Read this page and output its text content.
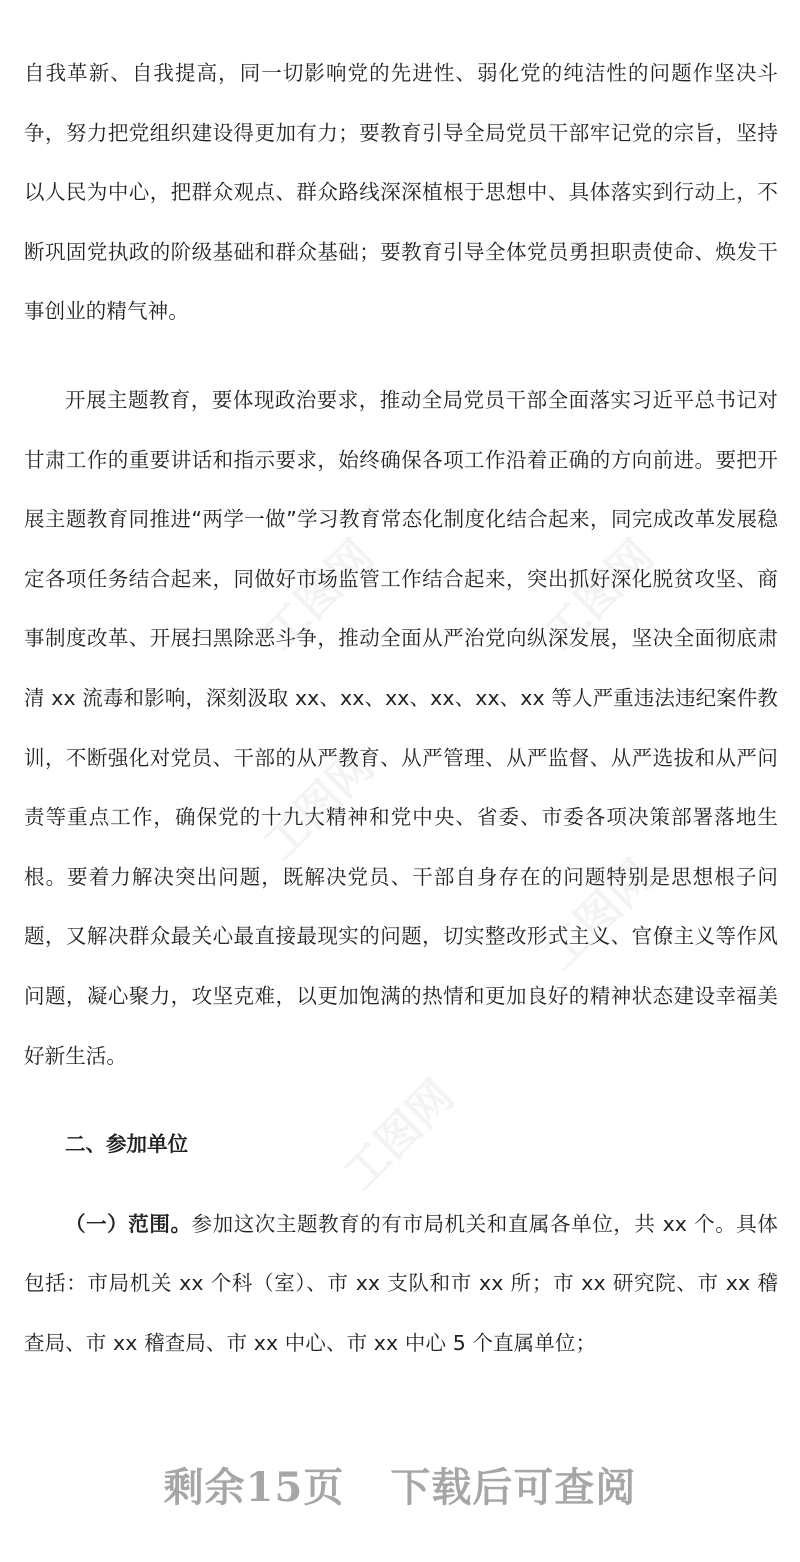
工图网
工图网
工图网
工图网
工图网

自我革新、自我提高，同一切影响党的先进性、弱化党的纯洁性的问题作坚决斗争，努力把党组织建设得更加有力；要教育引导全局党员干部牢记党的宗旨，坚持以人民为中心，把群众观点、群众路线深深植根于思想中、具体落实到行动上，不断巩固党执政的阶级基础和群众基础；要教育引导全体党员勇担职责使命、焕发干事创业的精气神。

开展主题教育，要体现政治要求，推动全局党员干部全面落实习近平总书记对甘肃工作的重要讲话和指示要求，始终确保各项工作沿着正确的方向前进。要把开展主题教育同推进“两学一做”学习教育常态化制度化结合起来，同完成改革发展稳定各项任务结合起来，同做好市场监管工作结合起来，突出抓好深化脱贫攻坚、商事制度改革、开展扫黑除恶斗争，推动全面从严治党向纵深发展，坚决全面彻底肃清 xx 流毒和影响，深刻汲取 xx、xx、xx、xx、xx、xx 等人严重违法违纪案件教训，不断强化对党员、干部的从严教育、从严管理、从严监督、从严选拔和从严问责等重点工作，确保党的十九大精神和党中央、省委、市委各项决策部署落地生根。要着力解决突出问题，既解决党员、干部自身存在的问题特别是思想根子问题，又解决群众最关心最直接最现实的问题，切实整改形式主义、官僚主义等作风问题，凝心聚力，攻坚克难，以更加饱满的热情和更加良好的精神状态建设幸福美好新生活。

二、参加单位

（一）范围。参加这次主题教育的有市局机关和直属各单位，共 xx 个。具体包括：市局机关 xx 个科（室）、市 xx 支队和市 xx 所；市 xx 研究院、市 xx 稽查局、市 xx 稽查局、市 xx 中心、市 xx 中心 5 个直属单位；

剩余15页 下载后可查阅
